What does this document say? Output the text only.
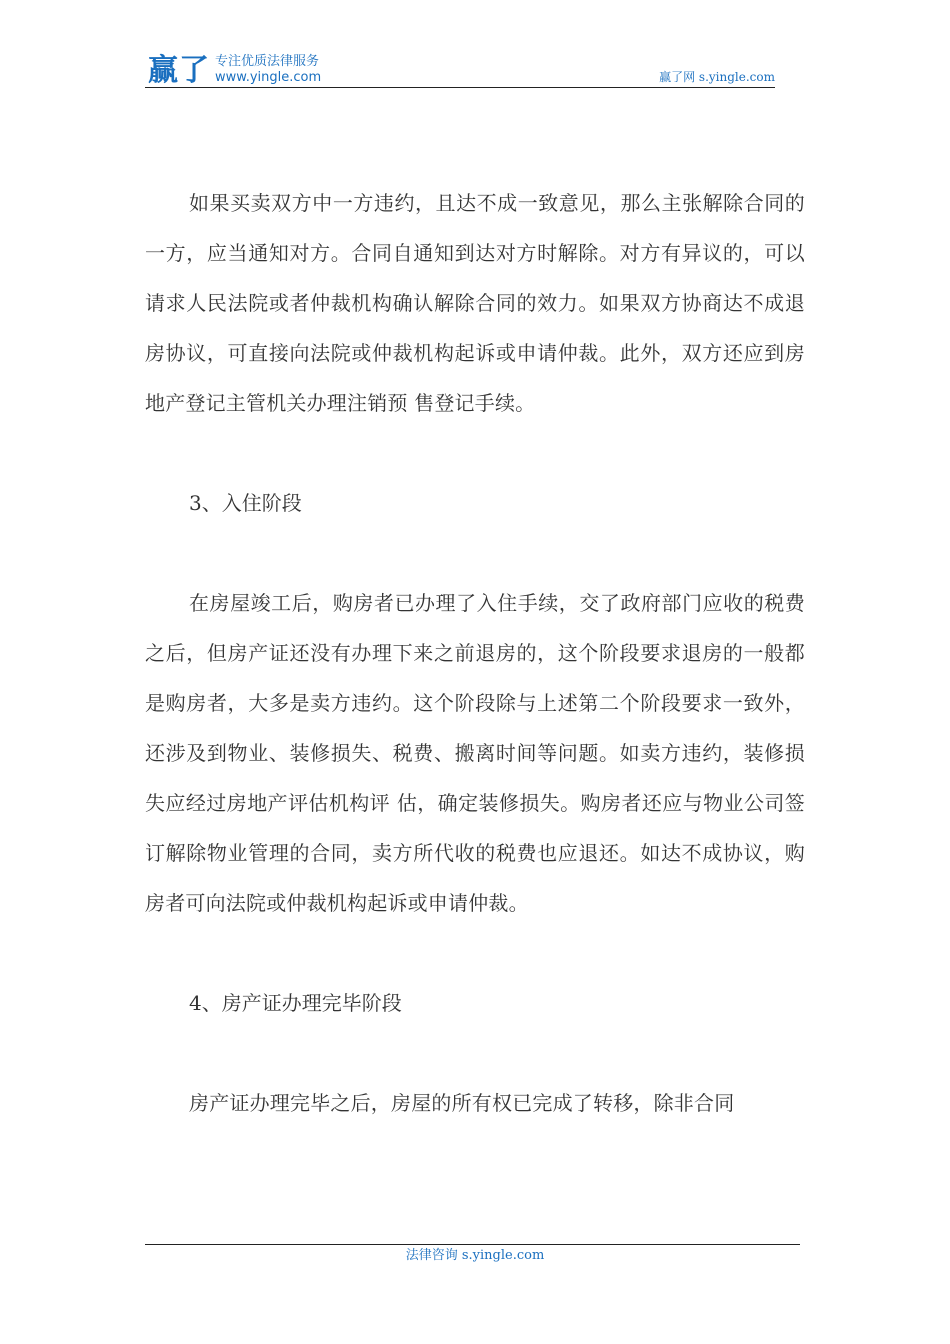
赢了 专注优质法律服务
www.yingle.com	赢了网 s.yingle.com

如果买卖双方中一方违约，且达不成一致意见，那么主张解除合同的一方，应当通知对方。合同自通知到达对方时解除。对方有异议的，可以请求人民法院或者仲裁机构确认解除合同的效力。如果双方协商达不成退房协议，可直接向法院或仲裁机构起诉或申请仲裁。此外，双方还应到房地产登记主管机关办理注销预 售登记手续。

3、入住阶段

在房屋竣工后，购房者已办理了入住手续，交了政府部门应收的税费之后，但房产证还没有办理下来之前退房的，这个阶段要求退房的一般都是购房者，大多是卖方违约。这个阶段除与上述第二个阶段要求一致外，还涉及到物业、装修损失、税费、搬离时间等问题。如卖方违约，装修损失应经过房地产评估机构评 估，确定装修损失。购房者还应与物业公司签订解除物业管理的合同，卖方所代收的税费也应退还。如达不成协议，购房者可向法院或仲裁机构起诉或申请仲裁。

4、房产证办理完毕阶段

房产证办理完毕之后，房屋的所有权已完成了转移，除非合同

法律咨询 s.yingle.com
